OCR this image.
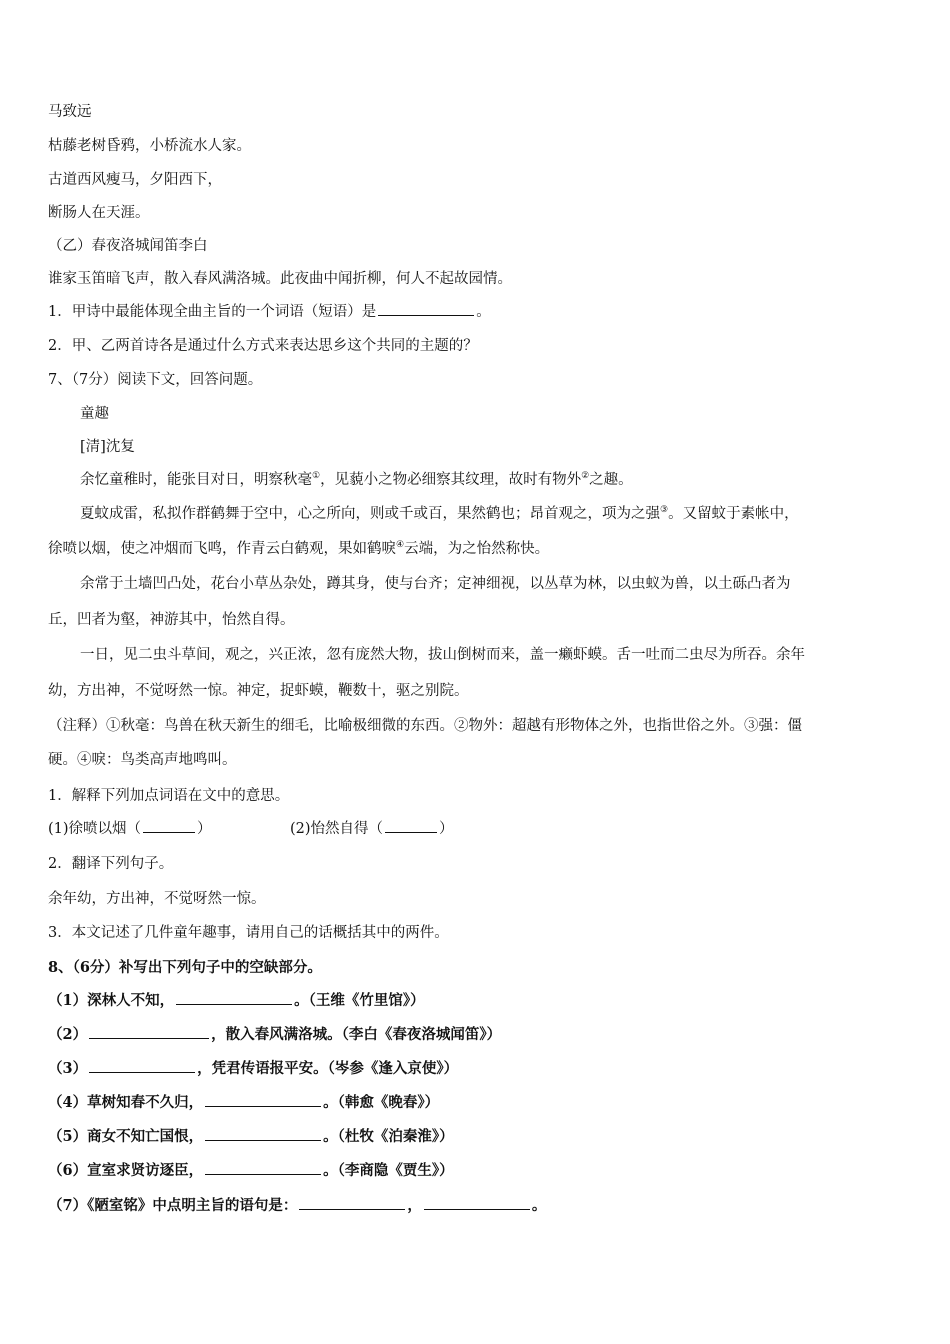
马致远
枯藤老树昏鸦，小桥流水人家。
古道西风瘦马，夕阳西下，
断肠人在天涯。
（乙）春夜洛城闻笛李白
谁家玉笛暗飞声，散入春风满洛城。此夜曲中闻折柳，何人不起故园情。
1．甲诗中最能体现全曲主旨的一个词语（短语）是	。
2．甲、乙两首诗各是通过什么方式来表达思乡这个共同的主题的？
7、（7分）阅读下文，回答问题。
童趣
[清]沈复
余忆童稚时，能张目对日，明察秋毫①，见藐小之物必细察其纹理，故时有物外②之趣。
夏蚊成雷，私拟作群鹤舞于空中，心之所向，则或千或百，果然鹤也；昂首观之，项为之强③。又留蚊于素帐中，
徐喷以烟，使之冲烟而飞鸣，作青云白鹤观，果如鹤唳④云端，为之怡然称快。
余常于土墙凹凸处，花台小草丛杂处，蹲其身，使与台齐；定神细视，以丛草为林，以虫蚁为兽，以土砾凸者为
丘，凹者为壑，神游其中，怡然自得。
一日，见二虫斗草间，观之，兴正浓，忽有庞然大物，拔山倒树而来，盖一癞虾蟆。舌一吐而二虫尽为所吞。余年
幼，方出神，不觉呀然一惊。神定，捉虾蟆，鞭数十，驱之别院。
（注释）①秋毫：鸟兽在秋天新生的细毛，比喻极细微的东西。②物外：超越有形物体之外，也指世俗之外。③强：僵
硬。④唳：鸟类高声地鸣叫。
1．解释下列加点词语在文中的意思。
(1)徐喷以烟（	）	(2)怡然自得（	）
2．翻译下列句子。
余年幼，方出神，不觉呀然一惊。
3．本文记述了几件童年趣事，请用自己的话概括其中的两件。
8、（6分）补写出下列句子中的空缺部分。
（1）深林人不知，	。（王维《竹里馆》）
（2）	，散入春风满洛城。（李白《春夜洛城闻笛》）
（3）	，凭君传语报平安。（岑参《逢入京使》）
（4）草树知春不久归，	。（韩愈《晚春》）
（5）商女不知亡国恨，	。（杜牧《泊秦淮》）
（6）宣室求贤访逐臣，	。（李商隐《贾生》）
（7）《陋室铭》中点明主旨的语句是：	，	。
